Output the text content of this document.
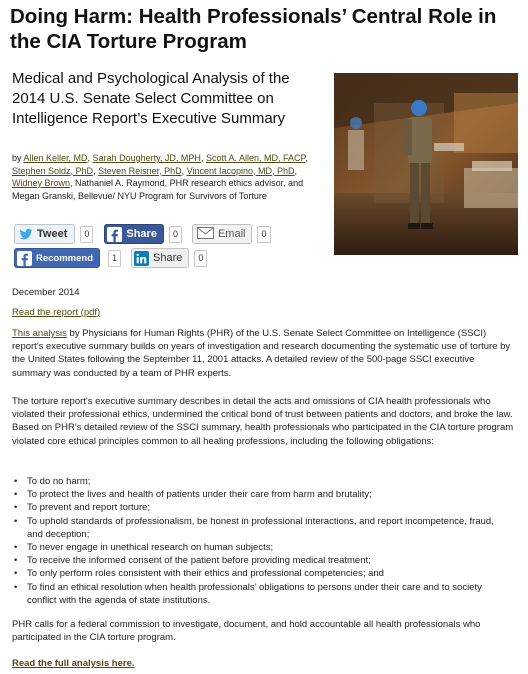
Doing Harm: Health Professionals’ Central Role in the CIA Torture Program
Medical and Psychological Analysis of the 2014 U.S. Senate Select Committee on Intelligence Report’s Executive Summary
by Allen Keller, MD, Sarah Dougherty, JD, MPH, Scott A. Allen, MD, FACP, Stephen Soldz, PhD, Steven Reisner, PhD, Vincent Iacopino, MD, PhD, Widney Brown, Nathaniel A. Raymond, PHR research ethics advisor, and Megan Granski, Bellevue/ NYU Program for Survivors of Torture
Tweet	0	Share	0	Email	0
Recommend	1	Share	0
December 2014
Read the report (pdf)

This analysis by Physicians for Human Rights (PHR) of the U.S. Senate Select Committee on Intelligence (SSCI) report's executive summary builds on years of investigation and research documenting the systematic use of torture by the United States following the September 11, 2001 attacks. A detailed review of the 500-page SSCI executive summary was conducted by a team of PHR experts.

The torture report's executive summary describes in detail the acts and omissions of CIA health professionals who violated their professional ethics, undermined the critical bond of trust between patients and doctors, and broke the law. Based on PHR's detailed review of the SSCI summary, health professionals who participated in the CIA torture program violated core ethical principles common to all healing professions, including the following obligations:

• To do no harm;
• To protect the lives and health of patients under their care from harm and brutality;
• To prevent and report torture;
• To uphold standards of professionalism, be honest in professional interactions, and report incompetence, fraud, and deception;
• To never engage in unethical research on human subjects;
• To receive the informed consent of the patient before providing medical treatment;
• To only perform roles consistent with their ethics and professional competencies; and
• To find an ethical resolution when health professionals’ obligations to persons under their care and to society conflict with the agenda of state institutions.

PHR calls for a federal commission to investigate, document, and hold accountable all health professionals who participated in the CIA torture program.

Read the full analysis here.
